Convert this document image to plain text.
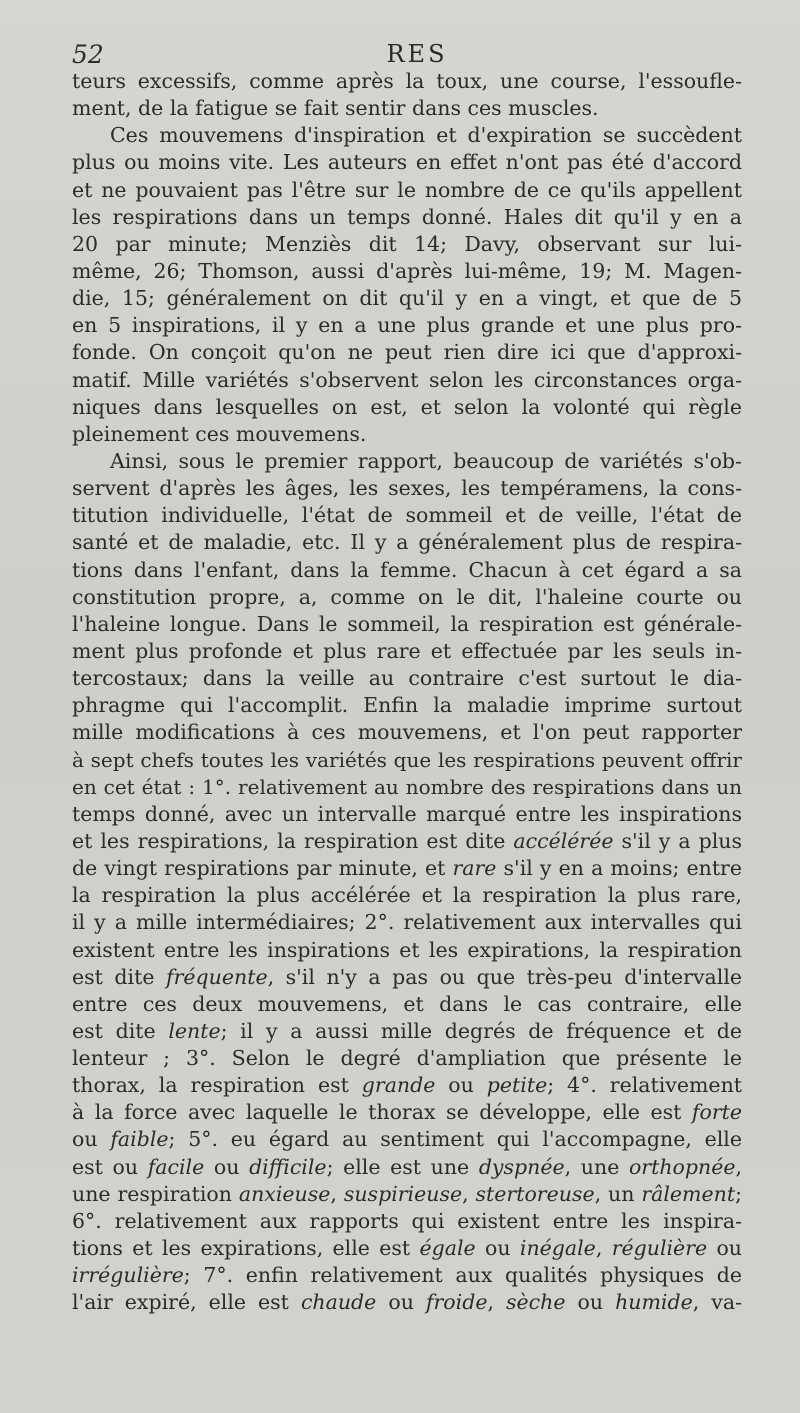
52	RES
teurs excessifs, comme après la toux, une course, l'essoufle-
ment, de la fatigue se fait sentir dans ces muscles.
Ces mouvemens d'inspiration et d'expiration se succèdent
plus ou moins vite. Les auteurs en effet n'ont pas été d'accord
et ne pouvaient pas l'être sur le nombre de ce qu'ils appellent
les respirations dans un temps donné. Hales dit qu'il y en a
20 par minute; Menziès dit 14; Davy, observant sur lui-
même, 26; Thomson, aussi d'après lui-même, 19; M. Magen-
die, 15; généralement on dit qu'il y en a vingt, et que de 5
en 5 inspirations, il y en a une plus grande et une plus pro-
fonde. On conçoit qu'on ne peut rien dire ici que d'approxi-
matif. Mille variétés s'observent selon les circonstances orga-
niques dans lesquelles on est, et selon la volonté qui règle
pleinement ces mouvemens.
Ainsi, sous le premier rapport, beaucoup de variétés s'ob-
servent d'après les âges, les sexes, les tempéramens, la cons-
titution individuelle, l'état de sommeil et de veille, l'état de
santé et de maladie, etc. Il y a généralement plus de respira-
tions dans l'enfant, dans la femme. Chacun à cet égard a sa
constitution propre, a, comme on le dit, l'haleine courte ou
l'haleine longue. Dans le sommeil, la respiration est générale-
ment plus profonde et plus rare et effectuée par les seuls in-
tercostaux; dans la veille au contraire c'est surtout le dia-
phragme qui l'accomplit. Enfin la maladie imprime surtout
mille modifications à ces mouvemens, et l'on peut rapporter
à sept chefs toutes les variétés que les respirations peuvent offrir
en cet état : 1°. relativement au nombre des respirations dans un
temps donné, avec un intervalle marqué entre les inspirations
et les respirations, la respiration est dite accélérée s'il y a plus
de vingt respirations par minute, et rare s'il y en a moins; entre
la respiration la plus accélérée et la respiration la plus rare,
il y a mille intermédiaires; 2°. relativement aux intervalles qui
existent entre les inspirations et les expirations, la respiration
est dite fréquente, s'il n'y a pas ou que très-peu d'intervalle
entre ces deux mouvemens, et dans le cas contraire, elle
est dite lente; il y a aussi mille degrés de fréquence et de
lenteur ; 3°. Selon le degré d'ampliation que présente le
thorax, la respiration est grande ou petite; 4°. relativement
à la force avec laquelle le thorax se développe, elle est forte
ou faible; 5°. eu égard au sentiment qui l'accompagne, elle
est ou facile ou difficile; elle est une dyspnée, une orthopnée,
une respiration anxieuse, suspirieuse, stertoreuse, un râlement;
6°. relativement aux rapports qui existent entre les inspira-
tions et les expirations, elle est égale ou inégale, régulière ou
irrégulière; 7°. enfin relativement aux qualités physiques de
l'air expiré, elle est chaude ou froide, sèche ou humide, va-
